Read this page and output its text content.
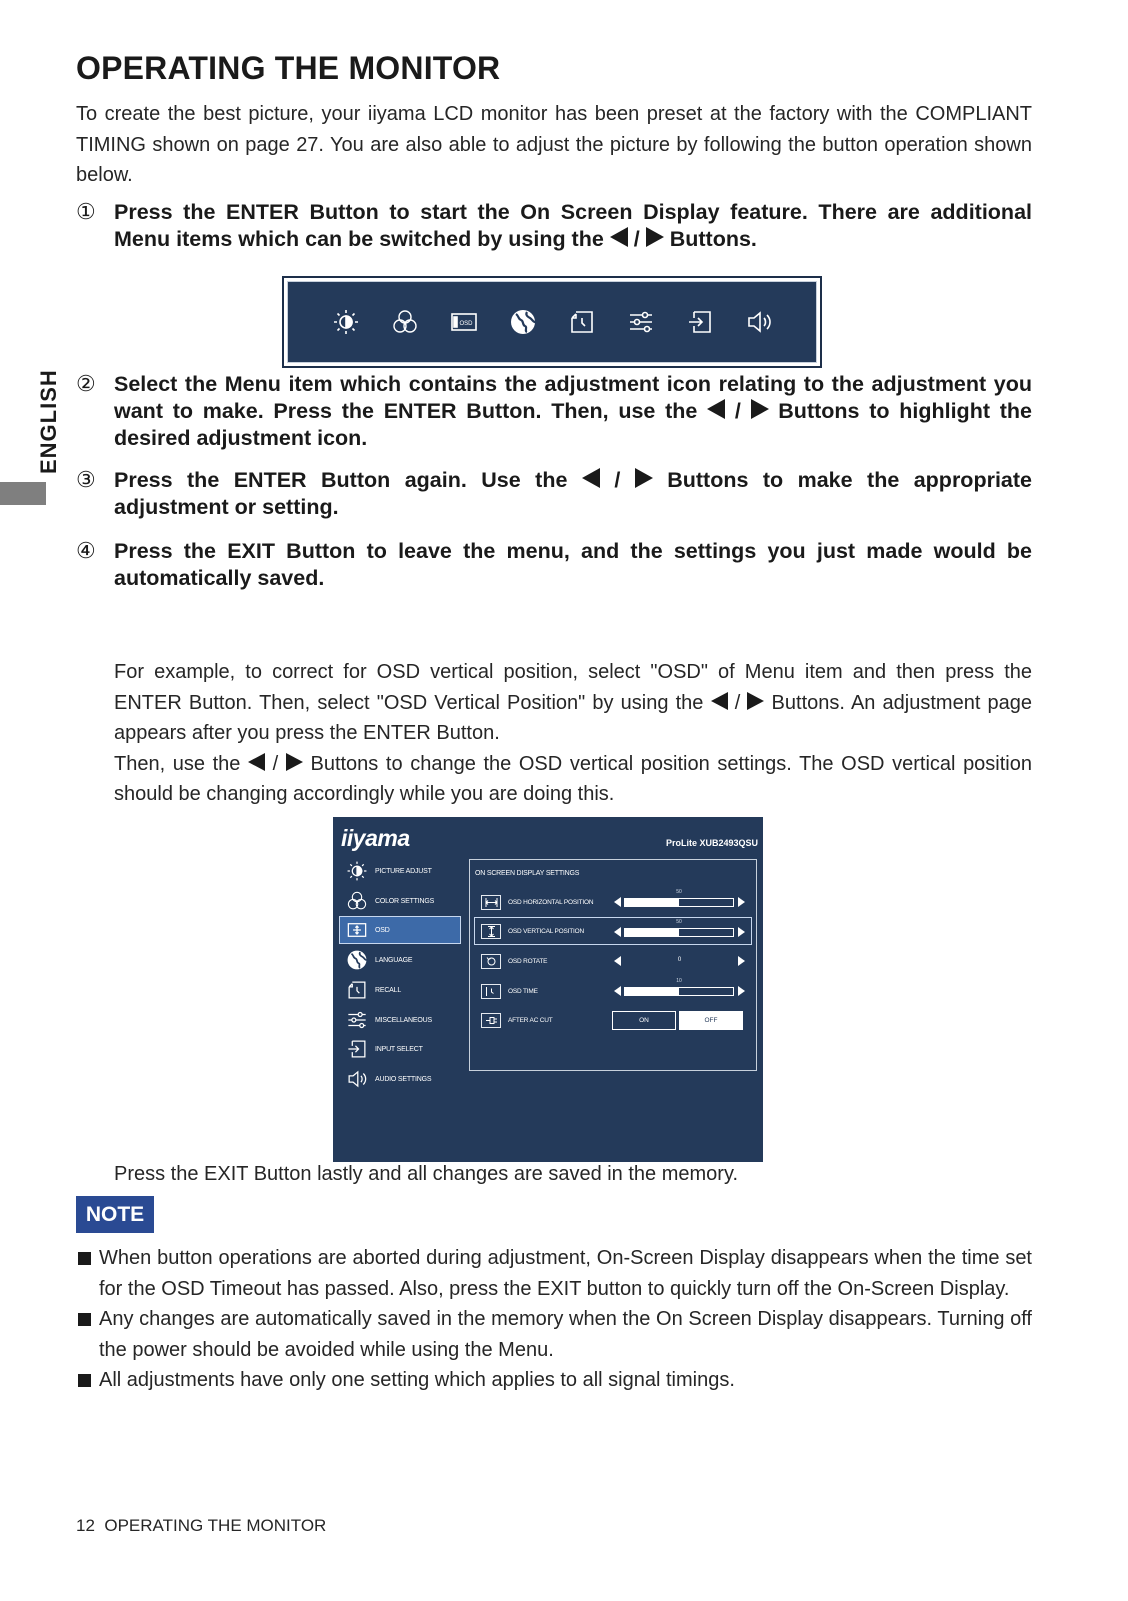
ENGLISH
OPERATING THE MONITOR

To create the best picture, your iiyama LCD monitor has been preset at the factory with the COMPLIANT TIMING shown on page 27. You are also able to adjust the picture by following the button operation shown below.

① Press the ENTER Button to start the On Screen Display feature. There are additional Menu items which can be switched by using the / Buttons.
OSD
② Select the Menu item which contains the adjustment icon relating to the adjustment you want to make. Press the ENTER Button. Then, use the / Buttons to highlight the desired adjustment icon.
③ Press the ENTER Button again. Use the / Buttons to make the appropriate adjustment or setting.
④ Press the EXIT Button to leave the menu, and the settings you just made would be automatically saved.

For example, to correct for OSD vertical position, select "OSD" of Menu item and then press the ENTER Button. Then, select "OSD Vertical Position" by using the / Buttons. An adjustment page appears after you press the ENTER Button.

Then, use the / Buttons to change the OSD vertical position settings. The OSD vertical position should be changing accordingly while you are doing this.

iiyama	ProLite XUB2493QSU
PICTURE ADJUST
COLOR SETTINGS
OSD
LANGUAGE
RECALL
MISCELLANEOUS
INPUT SELECT
AUDIO SETTINGS
ON SCREEN DISPLAY SETTINGS
OSD HORIZONTAL POSITION
50
OSD VERTICAL POSITION
50
OSD ROTATE	0
OSD TIME
10
AFTER AC CUT	ON	OFF

Press the EXIT Button lastly and all changes are saved in the memory.

NOTE
When button operations are aborted during adjustment, On-Screen Display disappears when the time set for the OSD Timeout has passed. Also, press the EXIT button to quickly turn off the On-Screen Display.
Any changes are automatically saved in the memory when the On Screen Display disappears. Turning off the power should be avoided while using the Menu.
All adjustments have only one setting which applies to all signal timings.
12 OPERATING THE MONITOR
